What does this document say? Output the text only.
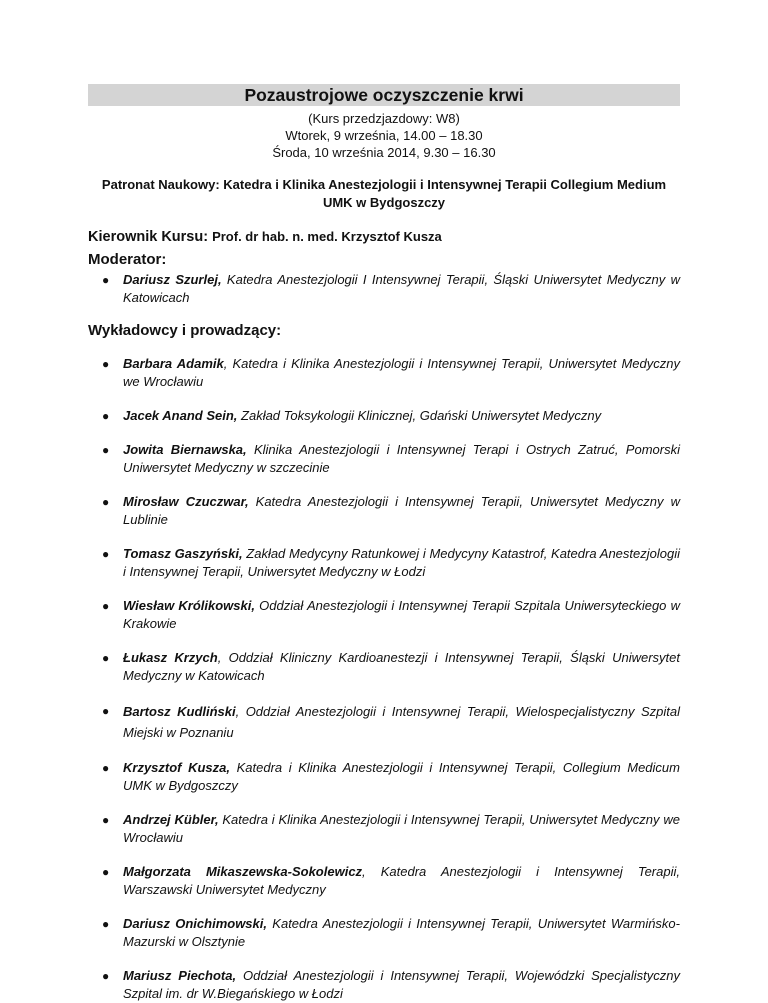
Pozaustrojowe oczyszczenie krwi
(Kurs przedzjazdowy: W8)
Wtorek, 9 września, 14.00 – 18.30
Środa, 10 września 2014, 9.30 – 16.30
Patronat Naukowy: Katedra i Klinika Anestezjologii i Intensywnej Terapii Collegium Medium UMK w Bydgoszczy
Kierownik Kursu: Prof. dr hab. n. med. Krzysztof Kusza
Moderator:
● Dariusz Szurlej, Katedra Anestezjologii I Intensywnej Terapii, Śląski Uniwersytet Medyczny w Katowicach
Wykładowcy i prowadzący:
● Barbara Adamik, Katedra i Klinika Anestezjologii i Intensywnej Terapii, Uniwersytet Medyczny we Wrocławiu
● Jacek Anand Sein, Zakład Toksykologii Klinicznej, Gdański Uniwersytet Medyczny
● Jowita Biernawska, Klinika Anestezjologii i Intensywnej Terapi i Ostrych Zatruć, Pomorski Uniwersytet Medyczny w szczecinie
● Mirosław Czuczwar, Katedra Anestezjologii i Intensywnej Terapii, Uniwersytet Medyczny w Lublinie
● Tomasz Gaszyński, Zakład Medycyny Ratunkowej i Medycyny Katastrof, Katedra Anestezjologii i Intensywnej Terapii, Uniwersytet Medyczny w Łodzi
● Wiesław Królikowski, Oddział Anestezjologii i Intensywnej Terapii Szpitala Uniwersyteckiego w Krakowie
● Łukasz Krzych, Oddział Kliniczny Kardioanestezji i Intensywnej Terapii, Śląski Uniwersytet Medyczny w Katowicach
● Bartosz Kudliński, Oddział Anestezjologii i Intensywnej Terapii, Wielospecjalistyczny Szpital Miejski w Poznaniu
● Krzysztof Kusza, Katedra i Klinika Anestezjologii i Intensywnej Terapii, Collegium Medicum UMK w Bydgoszczy
● Andrzej Kübler, Katedra i Klinika Anestezjologii i Intensywnej Terapii, Uniwersytet Medyczny we Wrocławiu
● Małgorzata Mikaszewska-Sokolewicz, Katedra Anestezjologii i Intensywnej Terapii, Warszawski Uniwersytet Medyczny
● Dariusz Onichimowski, Katedra Anestezjologii i Intensywnej Terapii, Uniwersytet Warmińsko-Mazurski w Olsztynie
● Mariusz Piechota, Oddział Anestezjologii i Intensywnej Terapii, Wojewódzki Specjalistyczny Szpital im. dr W.Biegańskiego w Łodzi
